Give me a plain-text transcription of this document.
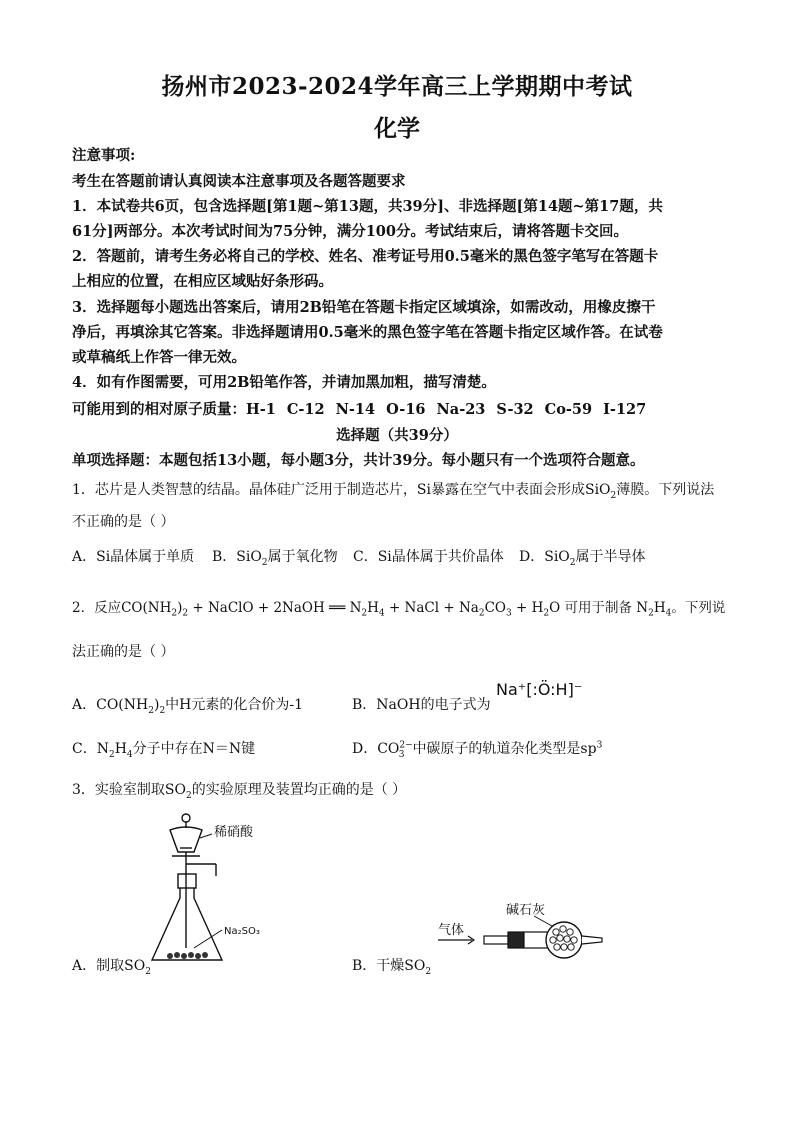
扬州市2023-2024学年高三上学期期中考试
化学
注意事项:
考生在答题前请认真阅读本注意事项及各题答题要求
1．本试卷共6页，包含选择题[第1题~第13题，共39分]、非选择题[第14题~第17题，共
61分]两部分。本次考试时间为75分钟，满分100分。考试结束后，请将答题卡交回。
2．答题前，请考生务必将自己的学校、姓名、准考证号用0.5毫米的黑色签字笔写在答题卡
上相应的位置，在相应区域贴好条形码。
3．选择题每小题选出答案后，请用2B铅笔在答题卡指定区域填涂，如需改动，用橡皮擦干
净后，再填涂其它答案。非选择题请用0.5毫米的黑色签字笔在答题卡指定区域作答。在试卷
或草稿纸上作答一律无效。
4．如有作图需要，可用2B铅笔作答，并请加黑加粗，描写清楚。
可能用到的相对原子质量：H-1 C-12 N-14 O-16 Na-23 S-32 Co-59 I-127
选择题（共39分）
单项选择题：本题包括13小题，每小题3分，共计39分。每小题只有一个选项符合题意。
1．芯片是人类智慧的结晶。晶体硅广泛用于制造芯片，Si暴露在空气中表面会形成SiO$_2$薄膜。下列说法
不正确的是（ ）
A．Si晶体属于单质 B．SiO$_2$属于氧化物 C．Si晶体属于共价晶体 D．SiO$_2$属于半导体
2．反应$CO(NH_2)_2$ + NaClO + 2NaOH ══ $N_2H_4$ + NaCl + $Na_2CO_3 + H_2O$ 可用于制备 $N_2H_4$。下列说
法正确的是（ ）
A．$CO(NH_2)_2$中H元素的化合价为-1	B．NaOH的电子式为
Na⁺[:Ö:H]⁻
C．$N_2H_4$分子中存在N＝N键	D．$CO^{2-}_3$ 中碳原子的轨道杂化类型是$sp^3$
3．实验室制取$SO_2$的实验原理及装置均正确的是（ ）
稀硝酸
Na₂SO₃
A．制取$SO_2$
碱石灰
气体
B．干燥$SO_2$
